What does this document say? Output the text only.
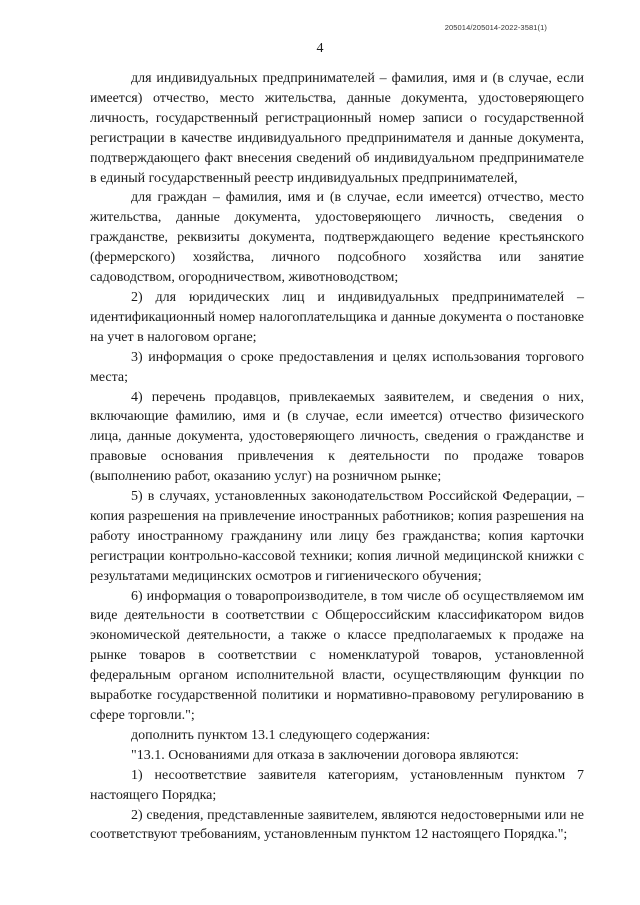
205014/205014-2022-3581(1)
4

для индивидуальных предпринимателей – фамилия, имя и (в случае, если имеется) отчество, место жительства, данные документа, удостоверяющего личность, государственный регистрационный номер записи о государственной регистрации в качестве индивидуального предпринимателя и данные документа, подтверждающего факт внесения сведений об индивидуальном предпринимателе в единый государственный реестр индивидуальных предпринимателей,

для граждан – фамилия, имя и (в случае, если имеется) отчество, место жительства, данные документа, удостоверяющего личность, сведения о гражданстве, реквизиты документа, подтверждающего ведение крестьянского (фермерского) хозяйства, личного подсобного хозяйства или занятие садоводством, огородничеством, животноводством;

2) для юридических лиц и индивидуальных предпринимателей – идентификационный номер налогоплательщика и данные документа о постановке на учет в налоговом органе;

3) информация о сроке предоставления и целях использования торгового места;

4) перечень продавцов, привлекаемых заявителем, и сведения о них, включающие фамилию, имя и (в случае, если имеется) отчество физического лица, данные документа, удостоверяющего личность, сведения о гражданстве и правовые основания привлечения к деятельности по продаже товаров (выполнению работ, оказанию услуг) на розничном рынке;

5) в случаях, установленных законодательством Российской Федерации, – копия разрешения на привлечение иностранных работников; копия разрешения на работу иностранному гражданину или лицу без гражданства; копия карточки регистрации контрольно-кассовой техники; копия личной медицинской книжки с результатами медицинских осмотров и гигиенического обучения;

6) информация о товаропроизводителе, в том числе об осуществляемом им виде деятельности в соответствии с Общероссийским классификатором видов экономической деятельности, а также о классе предполагаемых к продаже на рынке товаров в соответствии с номенклатурой товаров, установленной федеральным органом исполнительной власти, осуществляющим функции по выработке государственной политики и нормативно-правовому регулированию в сфере торговли.";

дополнить пунктом 13.1 следующего содержания:

"13.1. Основаниями для отказа в заключении договора являются:

1) несоответствие заявителя категориям, установленным пунктом 7 настоящего Порядка;

2) сведения, представленные заявителем, являются недостоверными или не соответствуют требованиям, установленным пунктом 12 настоящего Порядка.";
